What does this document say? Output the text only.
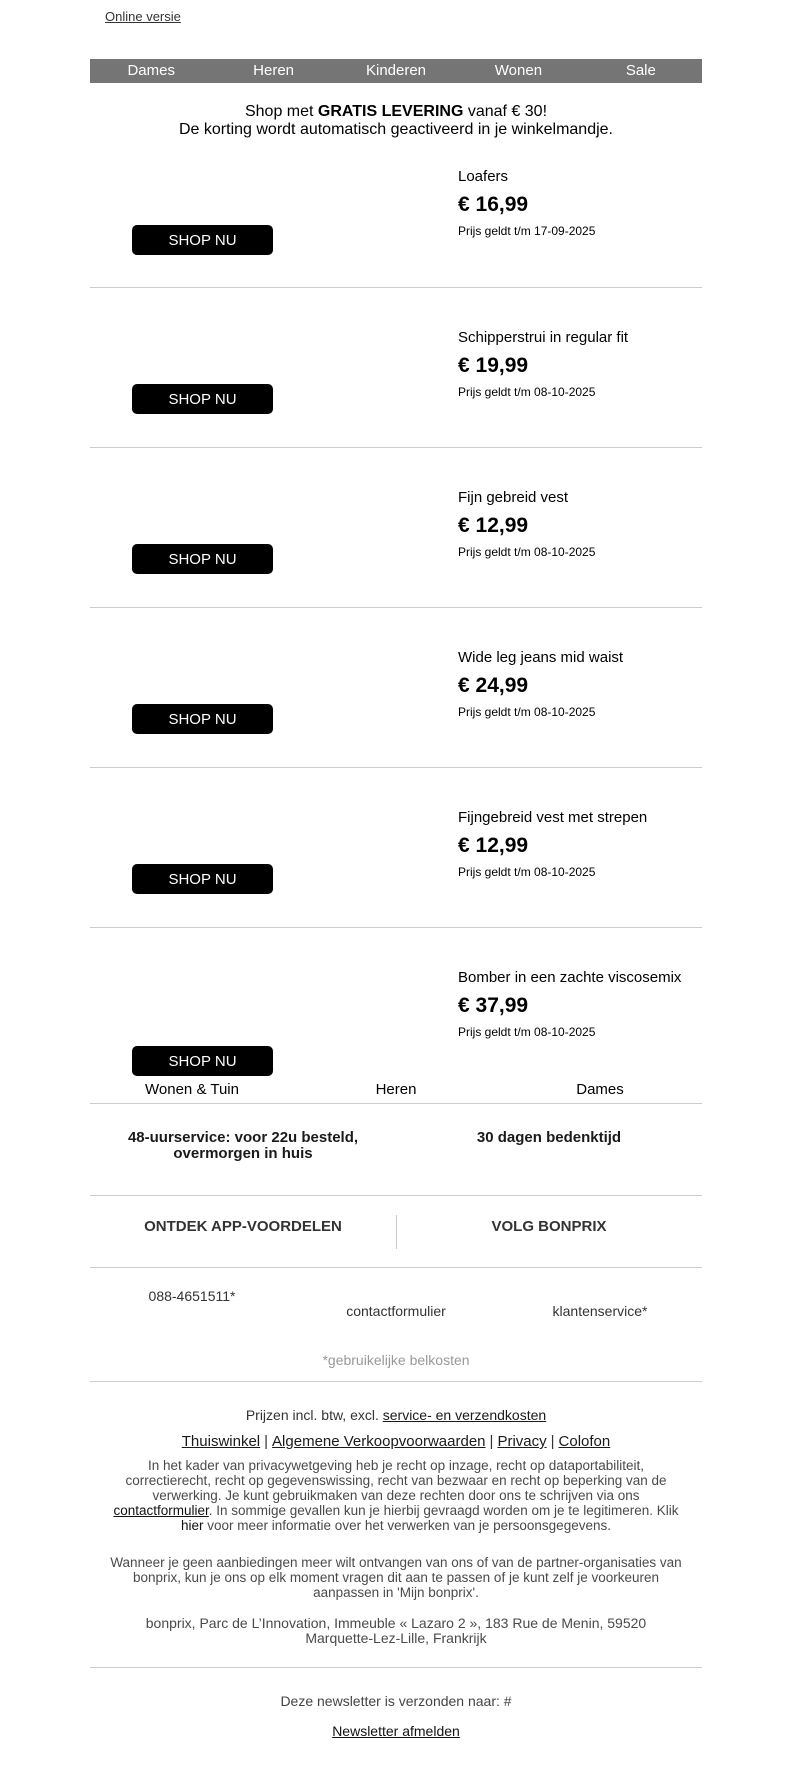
Online versie
Dames	Heren	Kinderen	Wonen	Sale
Shop met GRATIS LEVERING vanaf € 30!
De korting wordt automatisch geactiveerd in je winkelmandje.
SHOP NU
Loafers
€ 16,99
Prijs geldt t/m 17-09-2025
SHOP NU
Schipperstrui in regular fit
€ 19,99
Prijs geldt t/m 08-10-2025
SHOP NU
Fijn gebreid vest
€ 12,99
Prijs geldt t/m 08-10-2025
SHOP NU
Wide leg jeans mid waist
€ 24,99
Prijs geldt t/m 08-10-2025
SHOP NU
Fijngebreid vest met strepen
€ 12,99
Prijs geldt t/m 08-10-2025
SHOP NU
Bomber in een zachte viscosemix
€ 37,99
Prijs geldt t/m 08-10-2025
Wonen & Tuin	Heren	Dames
48-uurservice: voor 22u besteld,
overmorgen in huis
30 dagen bedenktijd
ONTDEK APP-VOORDELEN	VOLG BONPRIX
088-4651511*
contactformulier	klantenservice*
*gebruikelijke belkosten
Prijzen incl. btw, excl. service- en verzendkosten
Thuiswinkel | Algemene Verkoopvoorwaarden | Privacy | Colofon
In het kader van privacywetgeving heb je recht op inzage, recht op dataportabiliteit, correctierecht, recht op gegevenswissing, recht van bezwaar en recht op beperking van de verwerking. Je kunt gebruikmaken van deze rechten door ons te schrijven via ons contactformulier. In sommige gevallen kun je hierbij gevraagd worden om je te legitimeren. Klik hier voor meer informatie over het verwerken van je persoonsgegevens.
Wanneer je geen aanbiedingen meer wilt ontvangen van ons of van de partner-organisaties van bonprix, kun je ons op elk moment vragen dit aan te passen of je kunt zelf je voorkeuren aanpassen in 'Mijn bonprix'.
bonprix, Parc de L’Innovation, Immeuble « Lazaro 2 », 183 Rue de Menin, 59520 Marquette-Lez-Lille, Frankrijk
Deze newsletter is verzonden naar: #
Newsletter afmelden
